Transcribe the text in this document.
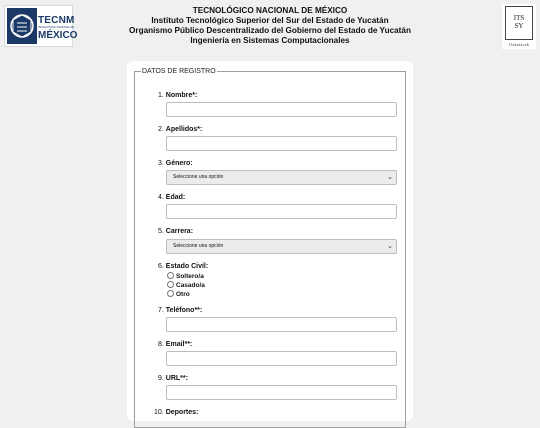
TECNM
TECNOLÓGICO NACIONAL DE
MÉXICO
TECNOLÓGICO NACIONAL DE MÉXICO
Instituto Tecnológico Superior del Sur del Estado de Yucatán
Organismo Público Descentralizado del Gobierno del Estado de Yucatán
Ingeniería en Sistemas Computacionales
ITS
SY
Oxkutzcab
DATOS DE REGISTRO
1. Nombre*:
2. Apellidos*:
3. Género:
Seleccione una opción	⌄
4. Edad:
5. Carrera:
Seleccione una opción	⌄
6. Estado Civil:
Soltero/a
Casado/a
Otro
7. Teléfono**:
8. Email**:
9. URL**:
10. Deportes:
